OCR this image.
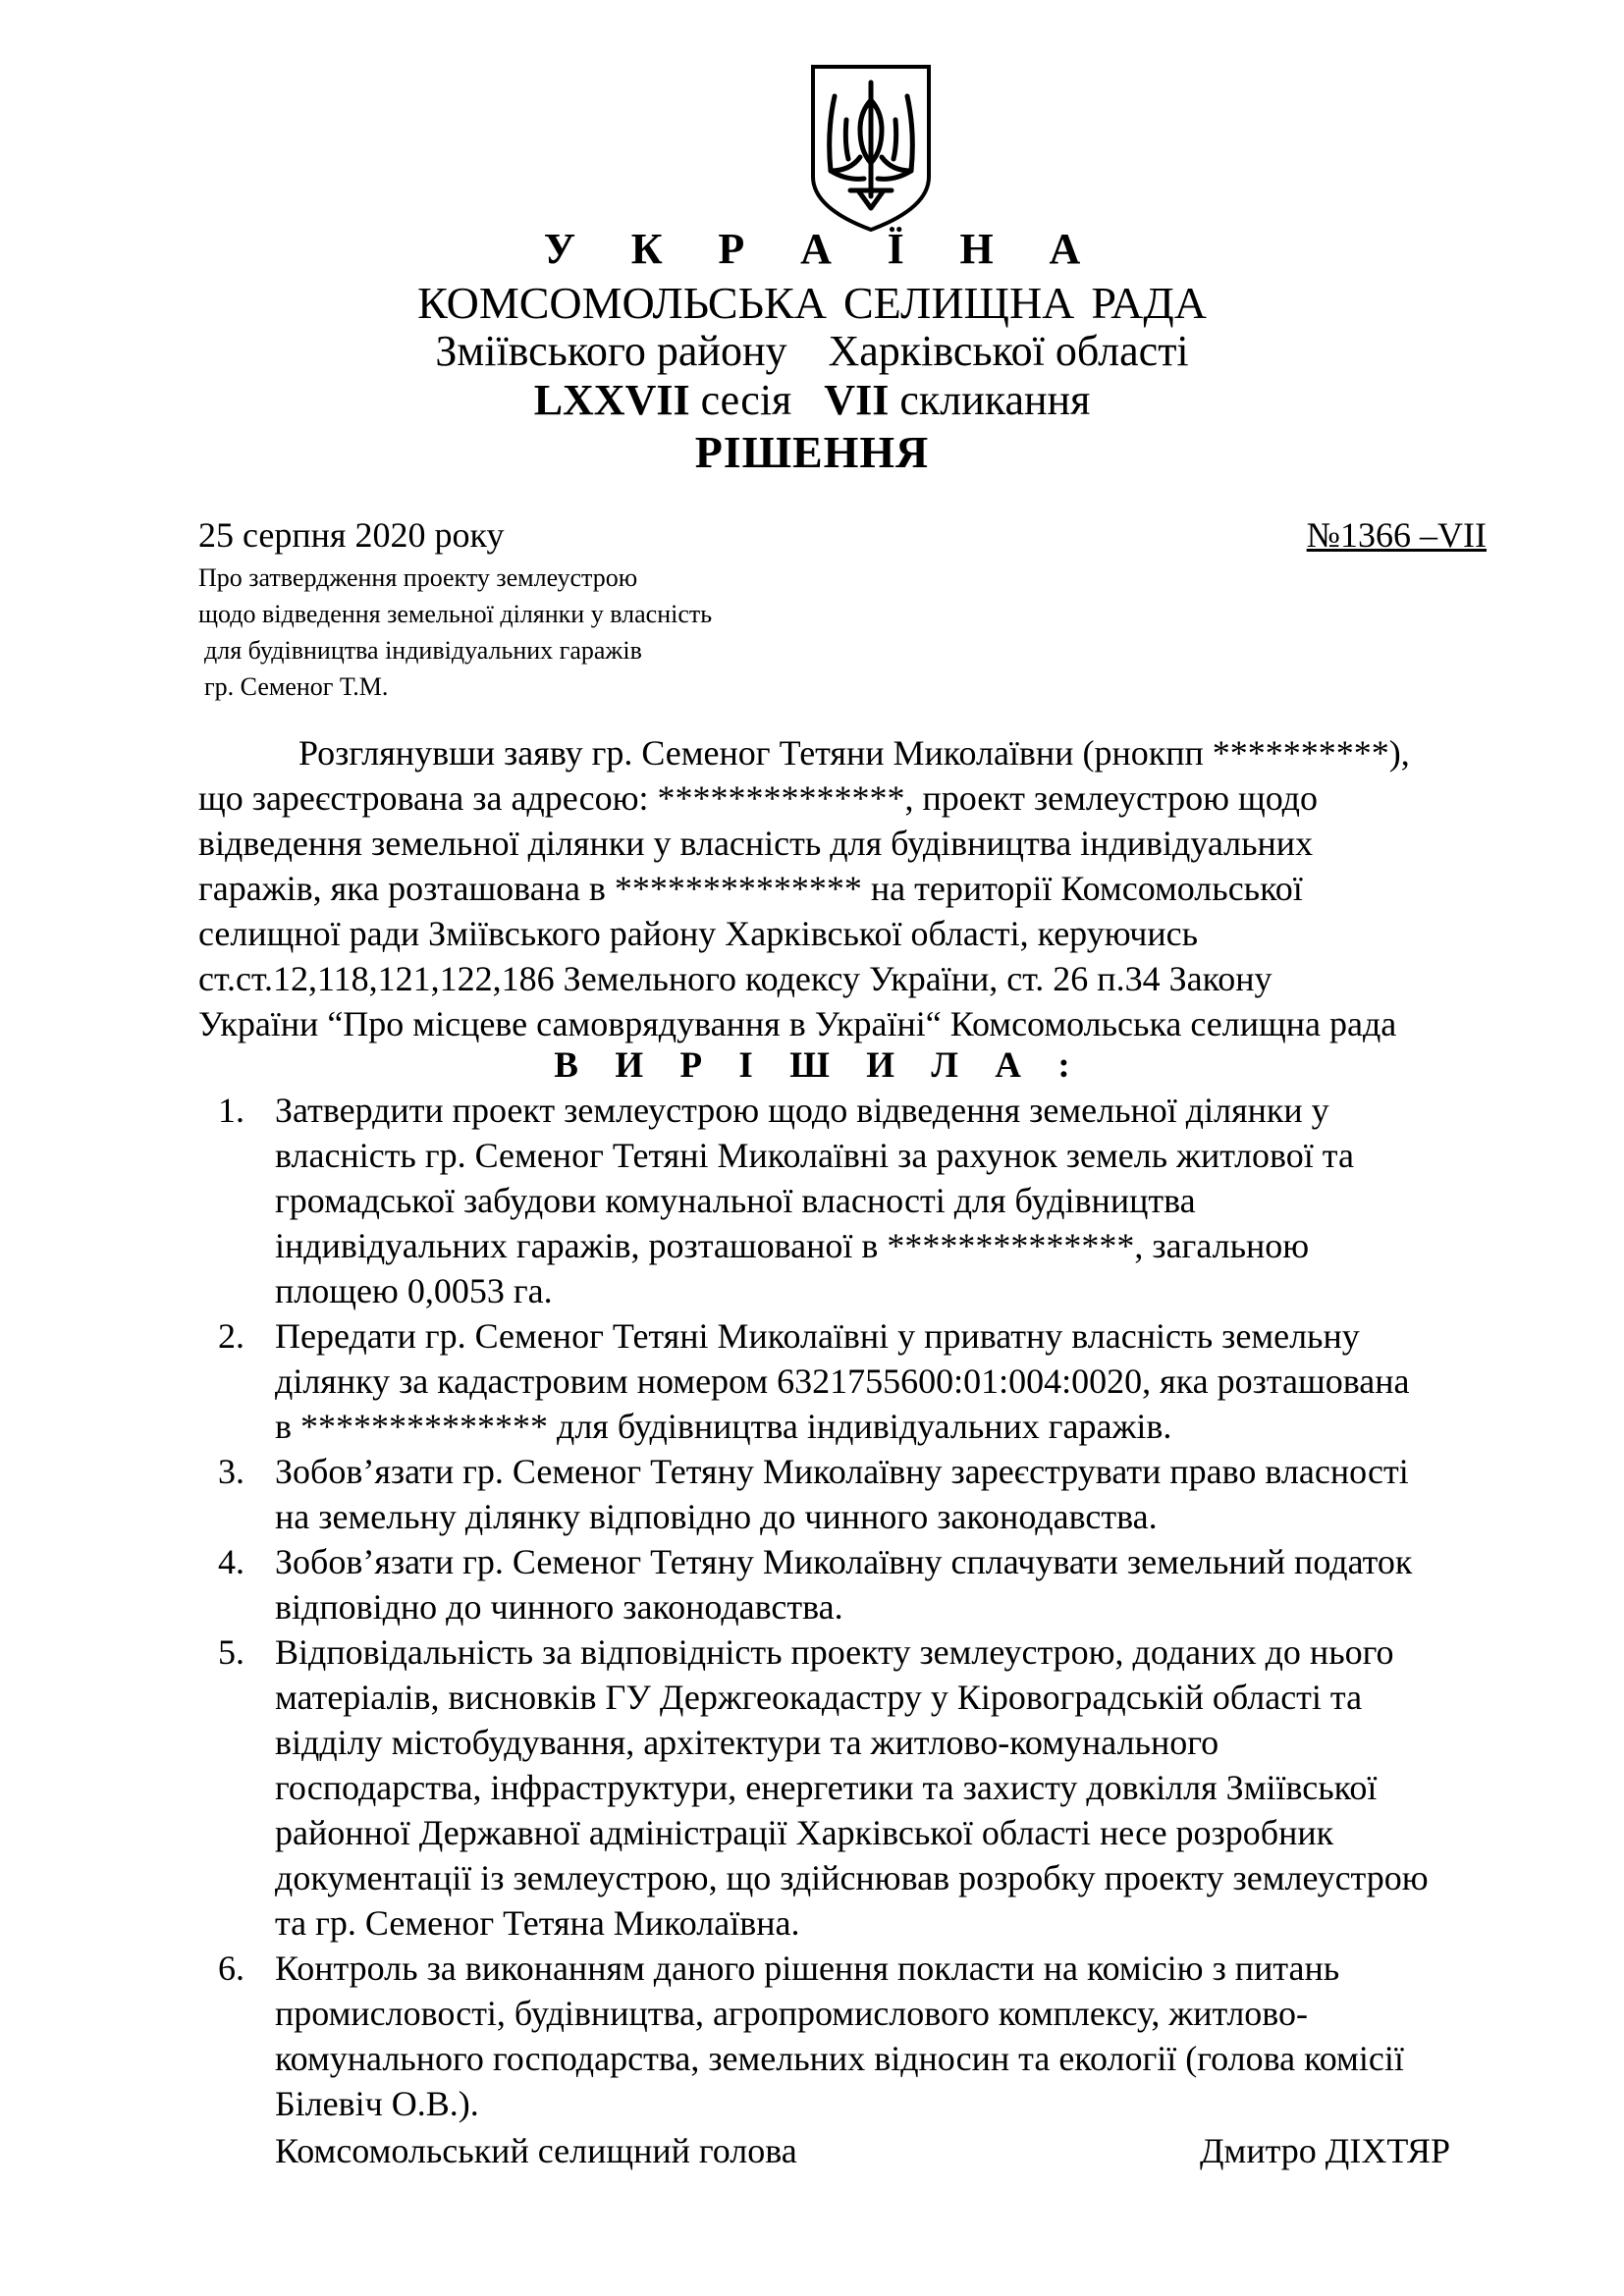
У К Р А Ї Н А
КОМСОМОЛЬСЬКА СЕЛИЩНА РАДА
Зміївського району Харківської області
LXXVII сесія VII скликання
РІШЕННЯ
25 серпня 2020 року	№1366 –VII
Про затвердження проекту землеустрою
щодо відведення земельної ділянки у власність
для будівництва індивідуальних гаражів
гр. Семеног Т.М.
Розглянувши заяву гр. Семеног Тетяни Миколаївни (рнокпп **********),
що зареєстрована за адресою: **************, проект землеустрою щодо
відведення земельної ділянки у власність для будівництва індивідуальних
гаражів, яка розташована в ************** на території Комсомольської
селищної ради Зміївського району Харківської області, керуючись
ст.ст.12,118,121,122,186 Земельного кодексу України, ст. 26 п.34 Закону
України “Про місцеве самоврядування в Україні“ Комсомольська селищна рада
В И Р І Ш И Л А :
1. Затвердити проект землеустрою щодо відведення земельної ділянки у
власність гр. Семеног Тетяні Миколаївні за рахунок земель житлової та
громадської забудови комунальної власності для будівництва
індивідуальних гаражів, розташованої в **************, загальною
площею 0,0053 га.
2. Передати гр. Семеног Тетяні Миколаївні у приватну власність земельну
ділянку за кадастровим номером 6321755600:01:004:0020, яка розташована
в ************** для будівництва індивідуальних гаражів.
3. Зобов’язати гр. Семеног Тетяну Миколаївну зареєструвати право власності
на земельну ділянку відповідно до чинного законодавства.
4. Зобов’язати гр. Семеног Тетяну Миколаївну сплачувати земельний податок
відповідно до чинного законодавства.
5. Відповідальність за відповідність проекту землеустрою, доданих до нього
матеріалів, висновків ГУ Держгеокадастру у Кіровоградській області та
відділу містобудування, архітектури та житлово-комунального
господарства, інфраструктури, енергетики та захисту довкілля Зміївської
районної Державної адміністрації Харківської області несе розробник
документації із землеустрою, що здійснював розробку проекту землеустрою
та гр. Семеног Тетяна Миколаївна.
6. Контроль за виконанням даного рішення покласти на комісію з питань
промисловості, будівництва, агропромислового комплексу, житлово-
комунального господарства, земельних відносин та екології (голова комісії
Білевіч О.В.).
Комсомольський селищний голова	Дмитро ДІХТЯР
